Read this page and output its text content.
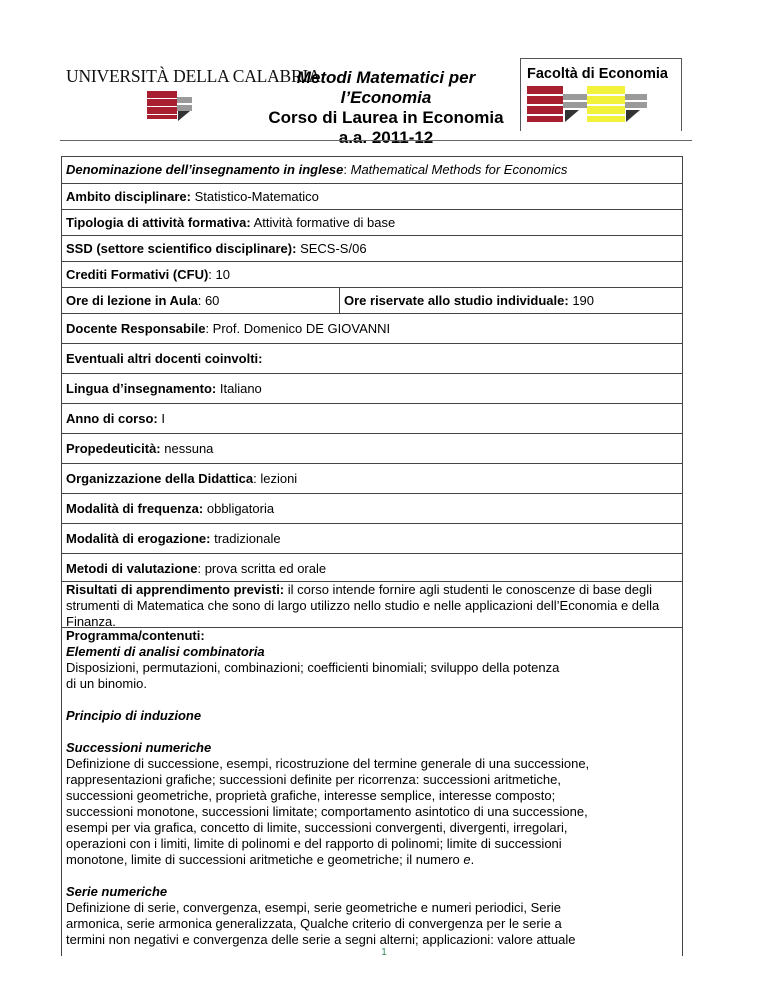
UNIVERSITÀ DELLA CALABRIA
Metodi Matematici per
l’Economia
Corso di Laurea in Economia
a.a. 2011-12
Facoltà di Economia
Denominazione dell’insegnamento in inglese: Mathematical Methods for Economics
Ambito disciplinare: Statistico-Matematico
Tipologia di attività formativa: Attività formative di base
SSD (settore scientifico disciplinare): SECS-S/06
Crediti Formativi (CFU): 10
Ore di lezione in Aula: 60	Ore riservate allo studio individuale: 190
Docente Responsabile: Prof. Domenico DE GIOVANNI
Eventuali altri docenti coinvolti:
Lingua d’insegnamento: Italiano
Anno di corso: I
Propedeuticità: nessuna
Organizzazione della Didattica: lezioni
Modalità di frequenza: obbligatoria
Modalità di erogazione: tradizionale
Metodi di valutazione: prova scritta ed orale
Risultati di apprendimento previsti: il corso intende fornire agli studenti le conoscenze di base degli strumenti di Matematica che sono di largo utilizzo nello studio e nelle applicazioni dell’Economia e della Finanza.

Programma/contenuti:

Elementi di analisi combinatoria

Disposizioni, permutazioni, combinazioni; coefficienti binomiali; sviluppo della potenza

di un binomio.

Principio di induzione

Successioni numeriche

Definizione di successione, esempi, ricostruzione del termine generale di una successione,

rappresentazioni grafiche; successioni definite per ricorrenza: successioni aritmetiche,

successioni geometriche, proprietà grafiche, interesse semplice, interesse composto;

successioni monotone, successioni limitate; comportamento asintotico di una successione,

esempi per via grafica, concetto di limite, successioni convergenti, divergenti, irregolari,

operazioni con i limiti, limite di polinomi e del rapporto di polinomi; limite di successioni

monotone, limite di successioni aritmetiche e geometriche; il numero e.

Serie numeriche

Definizione di serie, convergenza, esempi, serie geometriche e numeri periodici, Serie

armonica, serie armonica generalizzata, Qualche criterio di convergenza per le serie a

termini non negativi e convergenza delle serie a segni alterni; applicazioni: valore attuale

1
